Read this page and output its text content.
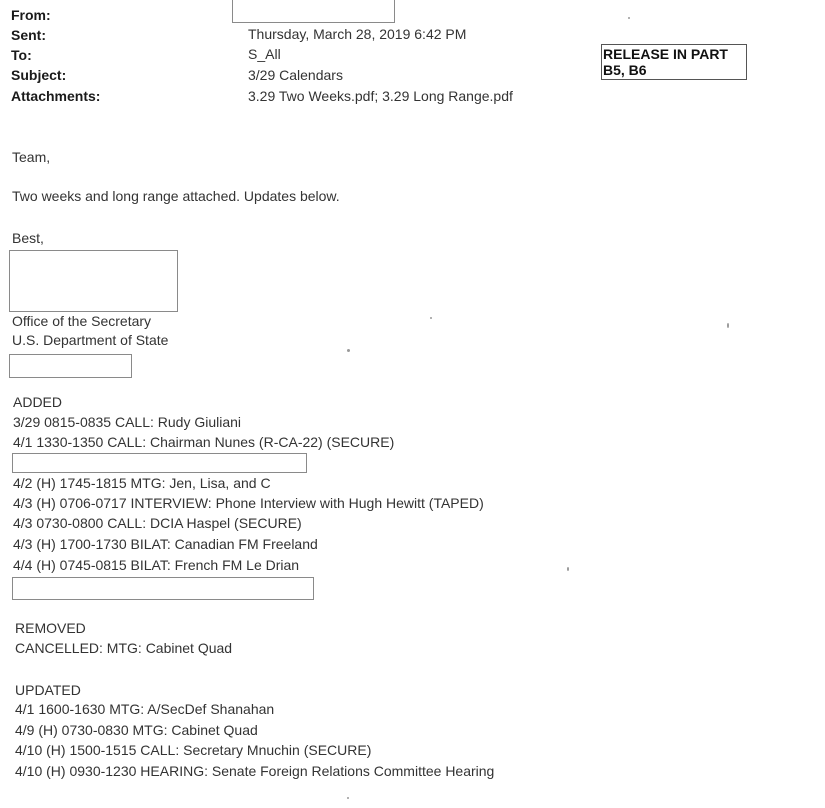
From:
Sent:
To:
Subject:
Attachments:
Thursday, March 28, 2019 6:42 PM
S_All
3/29 Calendars
3.29 Two Weeks.pdf; 3.29 Long Range.pdf
RELEASE IN PART
B5, B6
Team,
Two weeks and long range attached. Updates below.
Best,
Office of the Secretary
U.S. Department of State
ADDED
3/29 0815-0835 CALL: Rudy Giuliani
4/1 1330-1350 CALL: Chairman Nunes (R-CA-22) (SECURE)
4/2 (H) 1745-1815 MTG: Jen, Lisa, and C
4/3 (H) 0706-0717 INTERVIEW: Phone Interview with Hugh Hewitt (TAPED)
4/3 0730-0800 CALL: DCIA Haspel (SECURE)
4/3 (H) 1700-1730 BILAT: Canadian FM Freeland
4/4 (H) 0745-0815 BILAT: French FM Le Drian
REMOVED
CANCELLED: MTG: Cabinet Quad
UPDATED
4/1 1600-1630 MTG: A/SecDef Shanahan
4/9 (H) 0730-0830 MTG: Cabinet Quad
4/10 (H) 1500-1515 CALL: Secretary Mnuchin (SECURE)
4/10 (H) 0930-1230 HEARING: Senate Foreign Relations Committee Hearing
